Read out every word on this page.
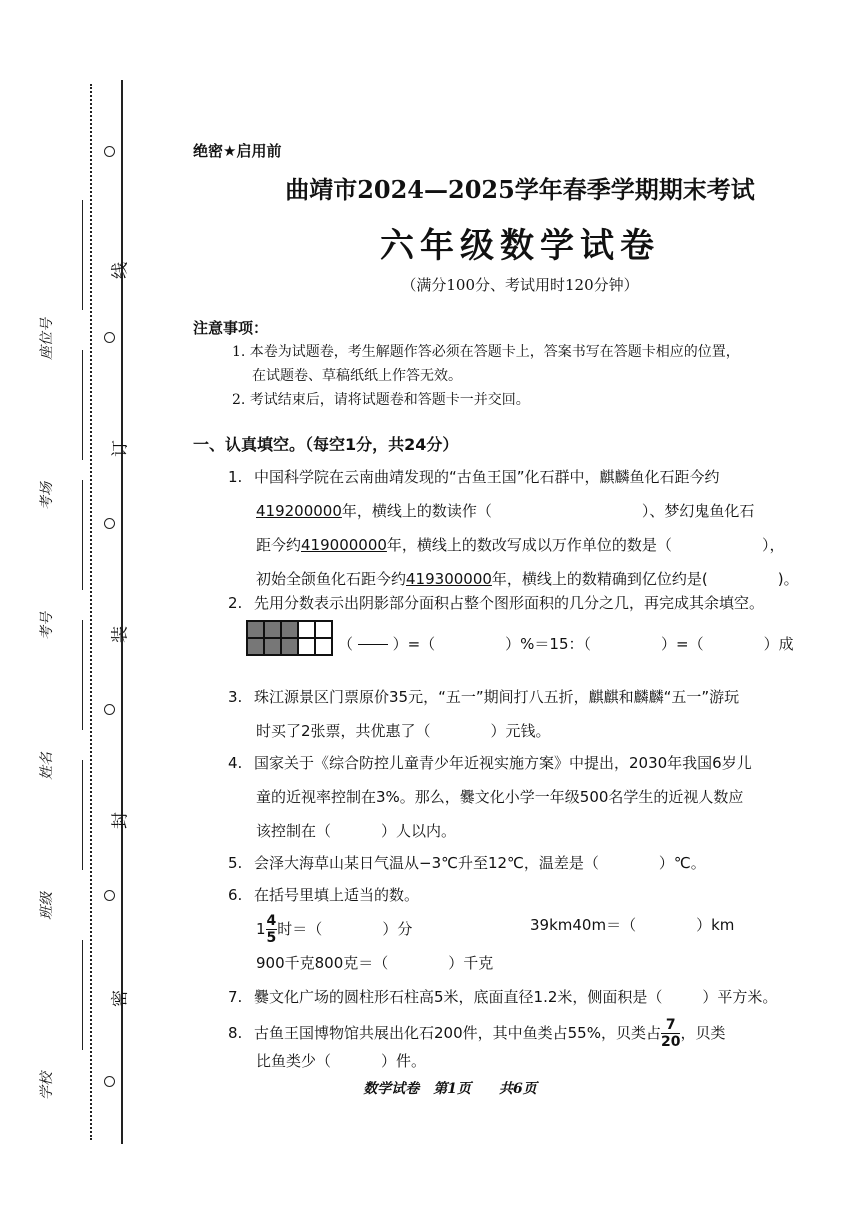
线
订
装
封
密
座位号
考场
考号
姓名
班级
学校
绝密★启用前
曲靖市2024—2025学年春季学期期末考试
六年级数学试卷
（满分100分、考试用时120分钟）
注意事项：
1. 本卷为试题卷，考生解题作答必须在答题卡上，答案书写在答题卡相应的位置，
在试题卷、草稿纸纸上作答无效。
2. 考试结束后，请将试题卷和答题卡一并交回。
一、认真填空。（每空1分，共24分）
1. 中国科学院在云南曲靖发现的“古鱼王国”化石群中，麒麟鱼化石距今约
419200000年，横线上的数读作（	）、梦幻鬼鱼化石
距今约419000000年，横线上的数改写成以万作单位的数是（	），
初始全颌鱼化石距今约419300000年，横线上的数精确到亿位约是(	)。
2. 先用分数表示出阴影部分面积占整个图形面积的几分之几，再完成其余填空。
（

	）=（	）%＝15：（	）=（	）成
3. 珠江源景区门票原价35元，“五一”期间打八五折，麒麒和麟麟“五一”游玩
时买了2张票，共优惠了（	）元钱。
4. 国家关于《综合防控儿童青少年近视实施方案》中提出，2030年我国6岁儿
童的近视率控制在3%。那么，爨文化小学一年级500名学生的近视人数应
该控制在（	）人以内。
5. 会泽大海草山某日气温从−3℃升至12℃，温差是（	）℃。
6. 在括号里填上适当的数。
$1 \frac{4}{5}$ 时＝（	）分	39km40m＝（	）km
900千克800克＝（	）千克
7. 爨文化广场的圆柱形石柱高5米，底面直径1.2米，侧面积是（	）平方米。
8. 古鱼王国博物馆共展出化石200件，其中鱼类占55%，贝类占 $\frac{7}{20}$ ，贝类
比鱼类少（	）件。
数学试卷　第1页　　共6页
